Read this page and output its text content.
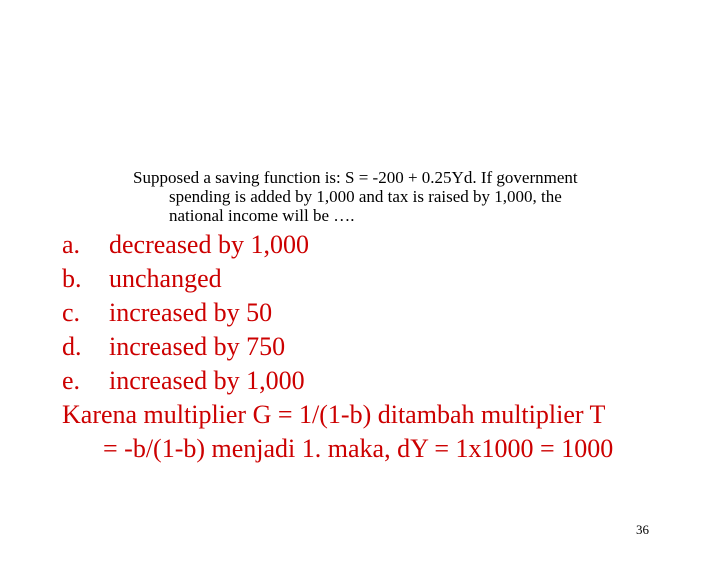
Supposed a saving function is: S = -200 + 0.25Yd. If government
spending is added by 1,000 and tax is raised by 1,000, the
national income will be ….
a.	decreased by 1,000
b.	unchanged
c.	increased by 50
d.	increased by 750
e.	increased by 1,000
Karena multiplier G = 1/(1-b) ditambah multiplier T
= -b/(1-b) menjadi 1. maka, dY = 1x1000 = 1000
36
